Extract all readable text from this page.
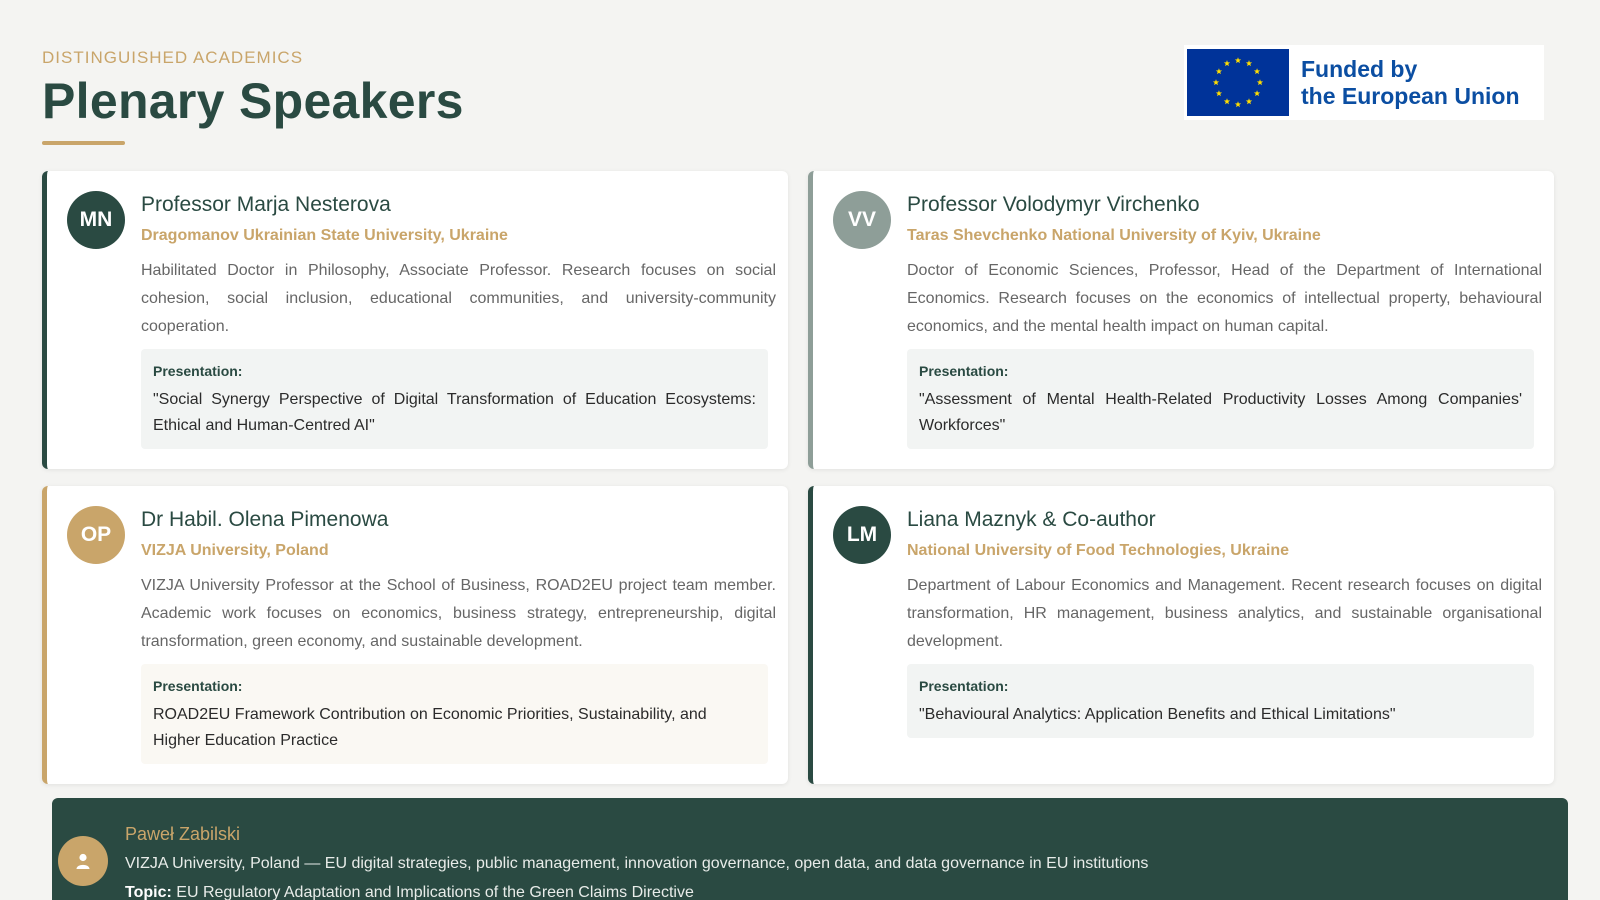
DISTINGUISHED ACADEMICS
Plenary Speakers
Funded by
the European Union
MN
Professor Marja Nesterova
Dragomanov Ukrainian State University, Ukraine
Habilitated Doctor in Philosophy, Associate Professor. Research focuses on social cohesion, social inclusion, educational communities, and university-community cooperation.
Presentation:
"Social Synergy Perspective of Digital Transformation of Education Ecosystems: Ethical and Human-Centred AI"
VV
Professor Volodymyr Virchenko
Taras Shevchenko National University of Kyiv, Ukraine
Doctor of Economic Sciences, Professor, Head of the Department of International Economics. Research focuses on the economics of intellectual property, behavioural economics, and the mental health impact on human capital.
Presentation:
"Assessment of Mental Health-Related Productivity Losses Among Companies' Workforces"
OP
Dr Habil. Olena Pimenowa
VIZJA University, Poland
VIZJA University Professor at the School of Business, ROAD2EU project team member. Academic work focuses on economics, business strategy, entrepreneurship, digital transformation, green economy, and sustainable development.
Presentation:
ROAD2EU Framework Contribution on Economic Priorities, Sustainability, and Higher Education Practice
LM
Liana Maznyk & Co-author
National University of Food Technologies, Ukraine
Department of Labour Economics and Management. Recent research focuses on digital transformation, HR management, business analytics, and sustainable organisational development.
Presentation:
"Behavioural Analytics: Application Benefits and Ethical Limitations"
Paweł Zabilski
VIZJA University, Poland — EU digital strategies, public management, innovation governance, open data, and data governance in EU institutions
Topic: EU Regulatory Adaptation and Implications of the Green Claims Directive
